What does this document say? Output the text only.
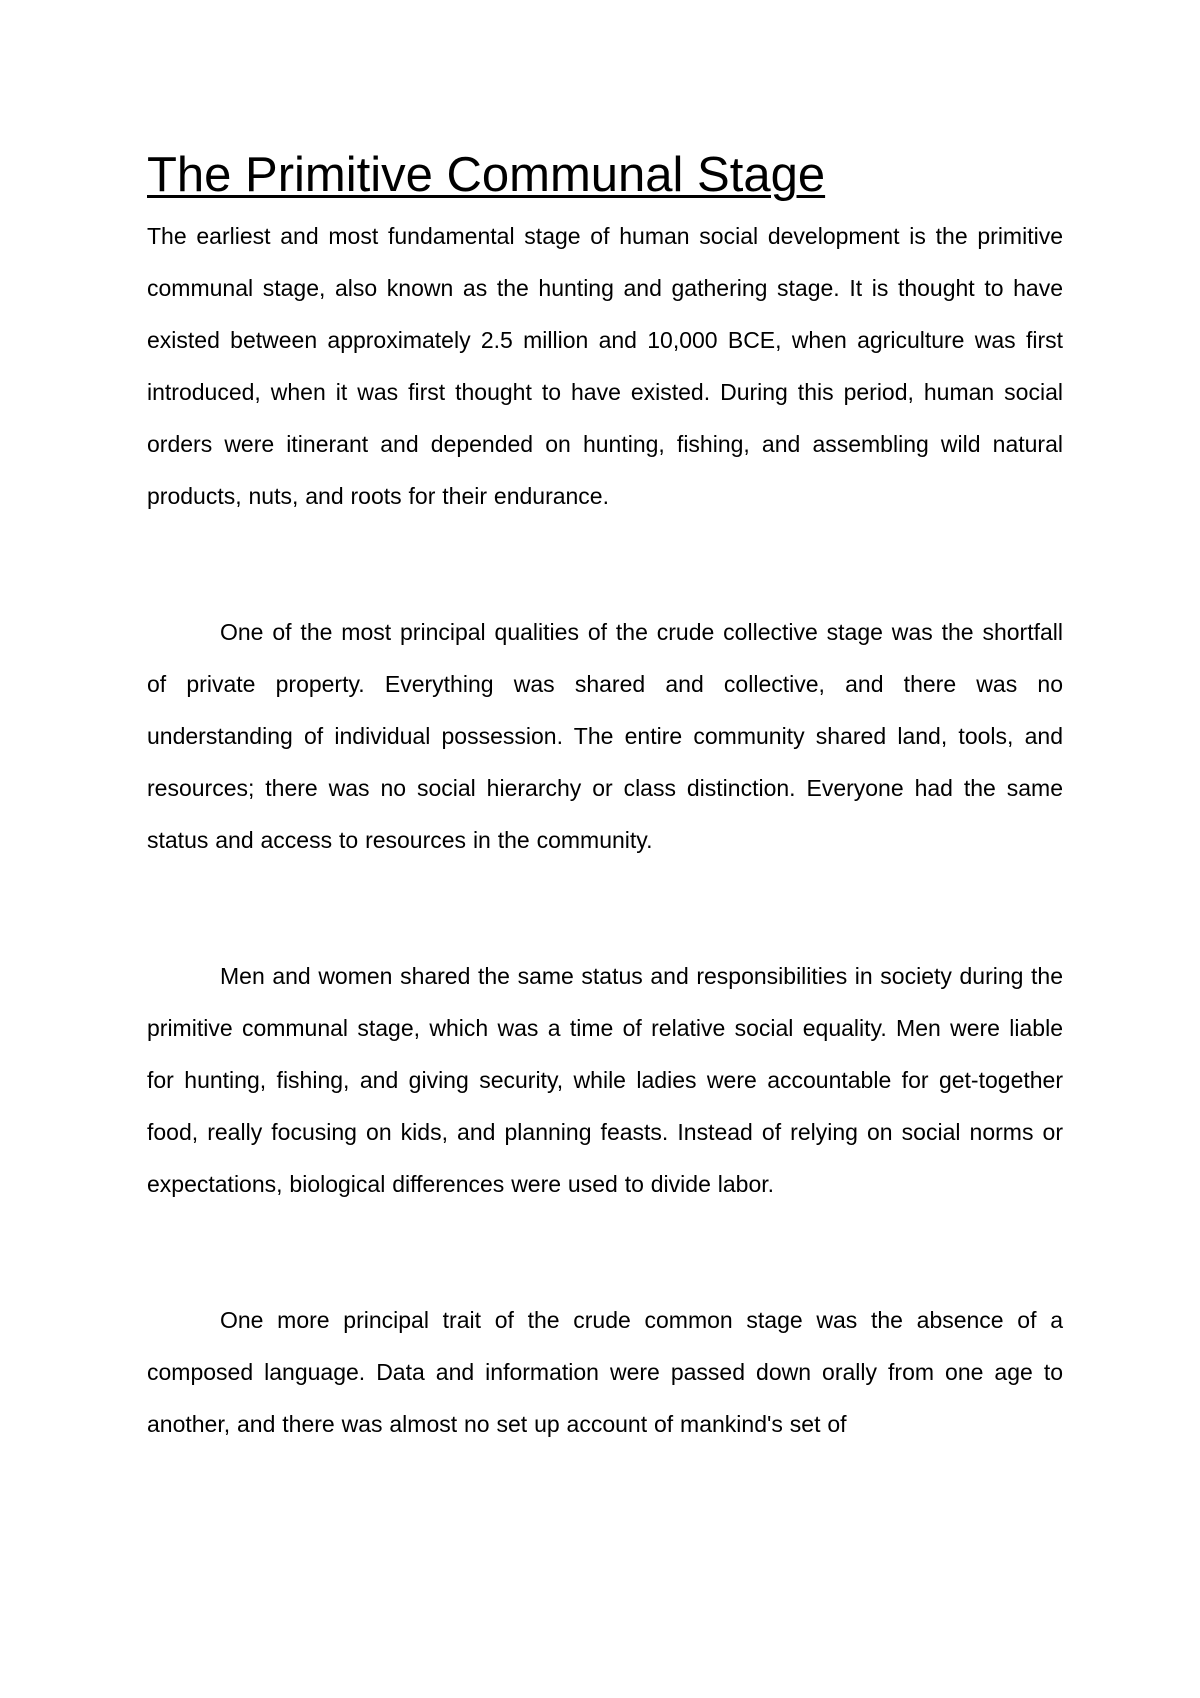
The Primitive Communal Stage

The earliest and most fundamental stage of human social development is the primitive communal stage, also known as the hunting and gathering stage. It is thought to have existed between approximately 2.5 million and 10,000 BCE, when agriculture was first introduced, when it was first thought to have existed. During this period, human social orders were itinerant and depended on hunting, fishing, and assembling wild natural products, nuts, and roots for their endurance.

One of the most principal qualities of the crude collective stage was the shortfall of private property. Everything was shared and collective, and there was no understanding of individual possession. The entire community shared land, tools, and resources; there was no social hierarchy or class distinction. Everyone had the same status and access to resources in the community.

Men and women shared the same status and responsibilities in society during the primitive communal stage, which was a time of relative social equality. Men were liable for hunting, fishing, and giving security, while ladies were accountable for get-together food, really focusing on kids, and planning feasts. Instead of relying on social norms or expectations, biological differences were used to divide labor.

One more principal trait of the crude common stage was the absence of a composed language. Data and information were passed down orally from one age to another, and there was almost no set up account of mankind's set of
